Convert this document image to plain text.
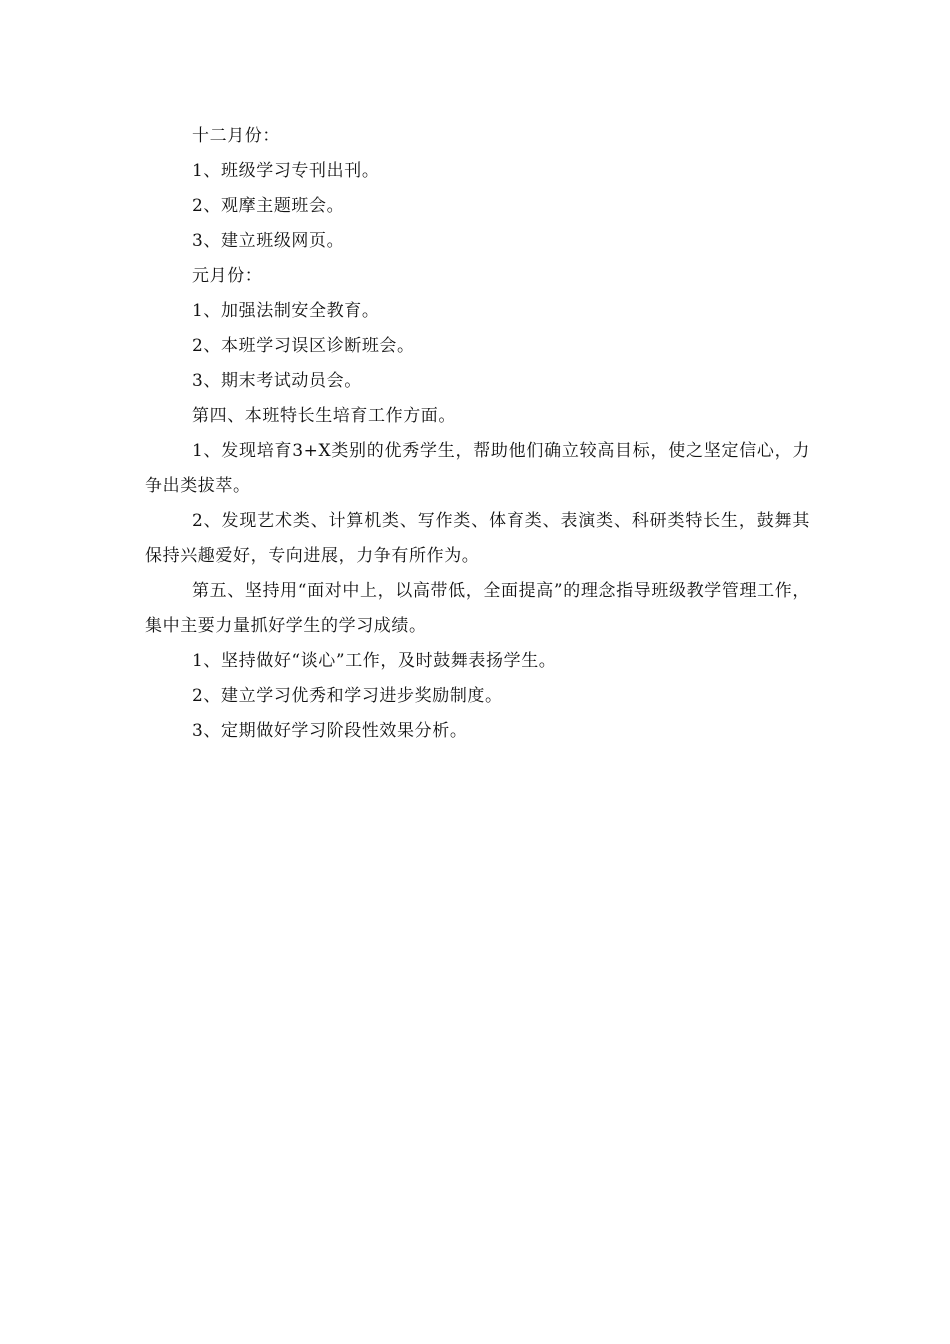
十二月份：

1、班级学习专刊出刊。

2、观摩主题班会。

3、建立班级网页。

元月份：

1、加强法制安全教育。

2、本班学习误区诊断班会。

3、期末考试动员会。

第四、本班特长生培育工作方面。

1、发现培育3+X类别的优秀学生，帮助他们确立较高目标，使之坚定信心，力争出类拔萃。

2、发现艺术类、计算机类、写作类、体育类、表演类、科研类特长生，鼓舞其保持兴趣爱好，专向进展，力争有所作为。

第五、坚持用“面对中上，以高带低，全面提高”的理念指导班级教学管理工作，集中主要力量抓好学生的学习成绩。

1、坚持做好“谈心”工作，及时鼓舞表扬学生。

2、建立学习优秀和学习进步奖励制度。

3、定期做好学习阶段性效果分析。
